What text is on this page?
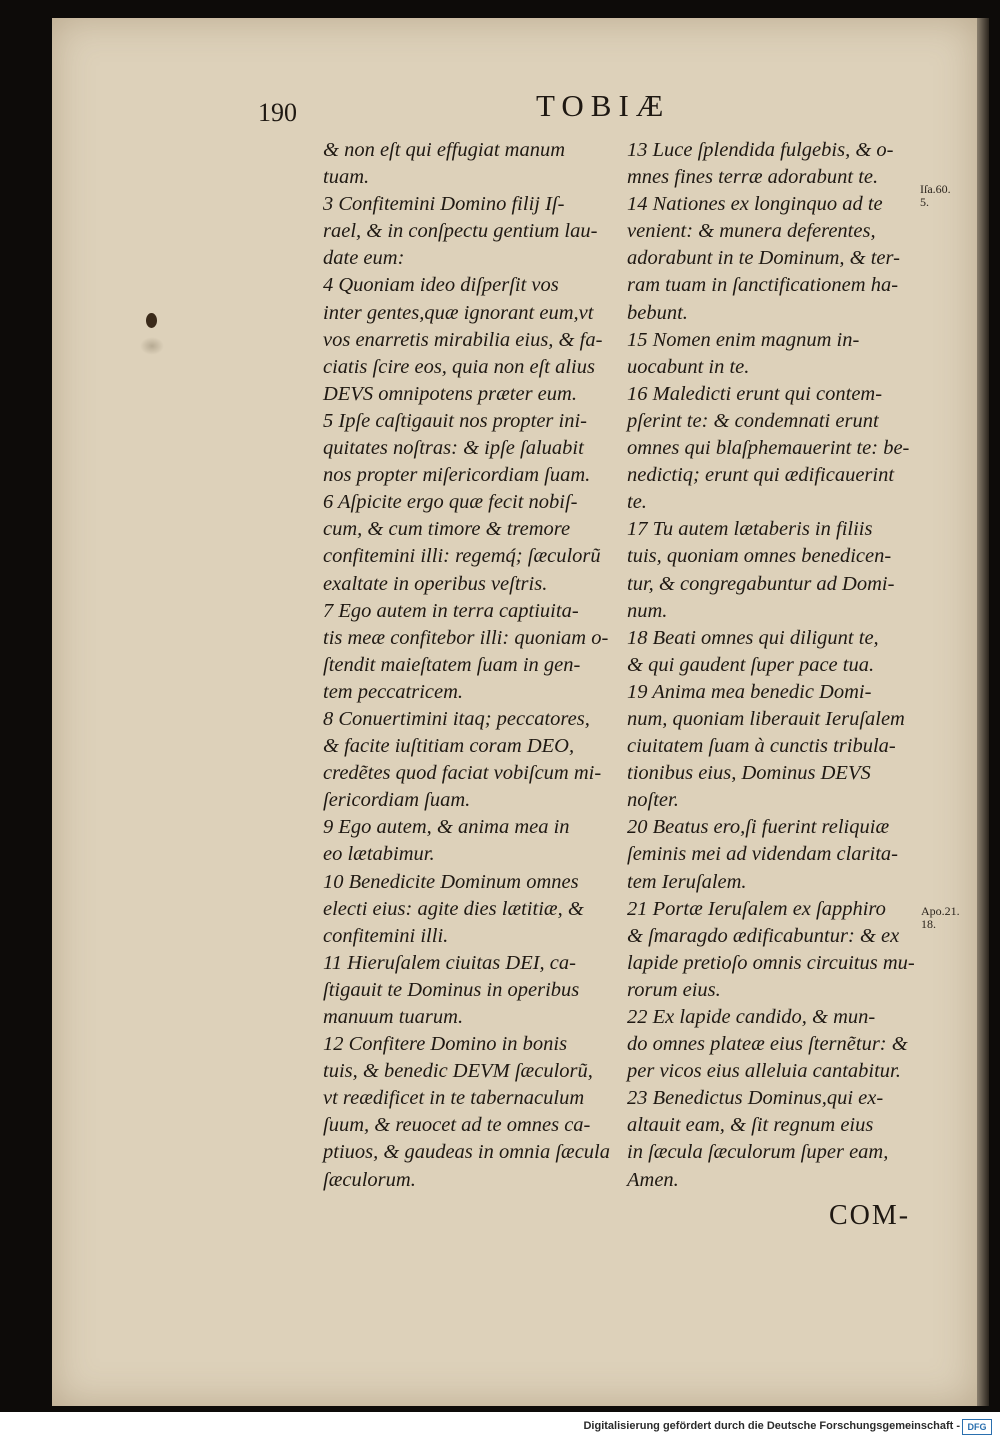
190	TOBIÆ
& non eſt qui effugiat manum
tuam.
3 Confitemini Domino filij Iſ-
rael, & in conſpectu gentium lau-
date eum:
4 Quoniam ideo diſperſit vos
inter gentes,quæ ignorant eum,vt
vos enarretis mirabilia eius, & fa-
ciatis ſcire eos, quia non eſt alius
DEVS omnipotens præter eum.
5 Ipſe caſtigauit nos propter ini-
quitates noſtras: & ipſe ſaluabit
nos propter miſericordiam ſuam.
6 Aſpicite ergo quæ fecit nobiſ-
cum, & cum timore & tremore
confitemini illi: regemq́; ſæculorũ
exaltate in operibus veſtris.
7 Ego autem in terra captiuita-
tis meæ confitebor illi: quoniam o-
ſtendit maieſtatem ſuam in gen-
tem peccatricem.
8 Conuertimini itaq; peccatores,
& facite iuſtitiam coram DEO,
credẽtes quod faciat vobiſcum mi-
ſericordiam ſuam.
9 Ego autem, & anima mea in
eo lætabimur.
10 Benedicite Dominum omnes
electi eius: agite dies lætitiæ, &
confitemini illi.
11 Hieruſalem ciuitas DEI, ca-
ſtigauit te Dominus in operibus
manuum tuarum.
12 Confitere Domino in bonis
tuis, & benedic DEVM ſæculorũ,
vt reædificet in te tabernaculum
ſuum, & reuocet ad te omnes ca-
ptiuos, & gaudeas in omnia ſæcula
ſæculorum.
13 Luce ſplendida fulgebis, & o-
mnes fines terræ adorabunt te.
14 Nationes ex longinquo ad te
venient: & munera deferentes,
adorabunt in te Dominum, & ter-
ram tuam in ſanctificationem ha-
bebunt.
15 Nomen enim magnum in-
uocabunt in te.
16 Maledicti erunt qui contem-
pſerint te: & condemnati erunt
omnes qui blaſphemauerint te: be-
nedictiq; erunt qui ædificauerint
te.
17 Tu autem lætaberis in filiis
tuis, quoniam omnes benedicen-
tur, & congregabuntur ad Domi-
num.
18 Beati omnes qui diligunt te,
& qui gaudent ſuper pace tua.
19 Anima mea benedic Domi-
num, quoniam liberauit Ieruſalem
ciuitatem ſuam à cunctis tribula-
tionibus eius, Dominus DEVS
noſter.
20 Beatus ero,ſi fuerint reliquiæ
ſeminis mei ad videndam clarita-
tem Ieruſalem.
21 Portæ Ieruſalem ex ſapphiro
& ſmaragdo ædificabuntur: & ex
lapide pretioſo omnis circuitus mu-
rorum eius.
22 Ex lapide candido, & mun-
do omnes plateæ eius ſternẽtur: &
per vicos eius alleluia cantabitur.
23 Benedictus Dominus,qui ex-
altauit eam, & ſit regnum eius
in ſæcula ſæculorum ſuper eam,
Amen.
Iſa.60.
5.
Apo.21.
18.
COM-
Digitalisierung gefördert durch die Deutsche Forschungsgemeinschaft - DFG
